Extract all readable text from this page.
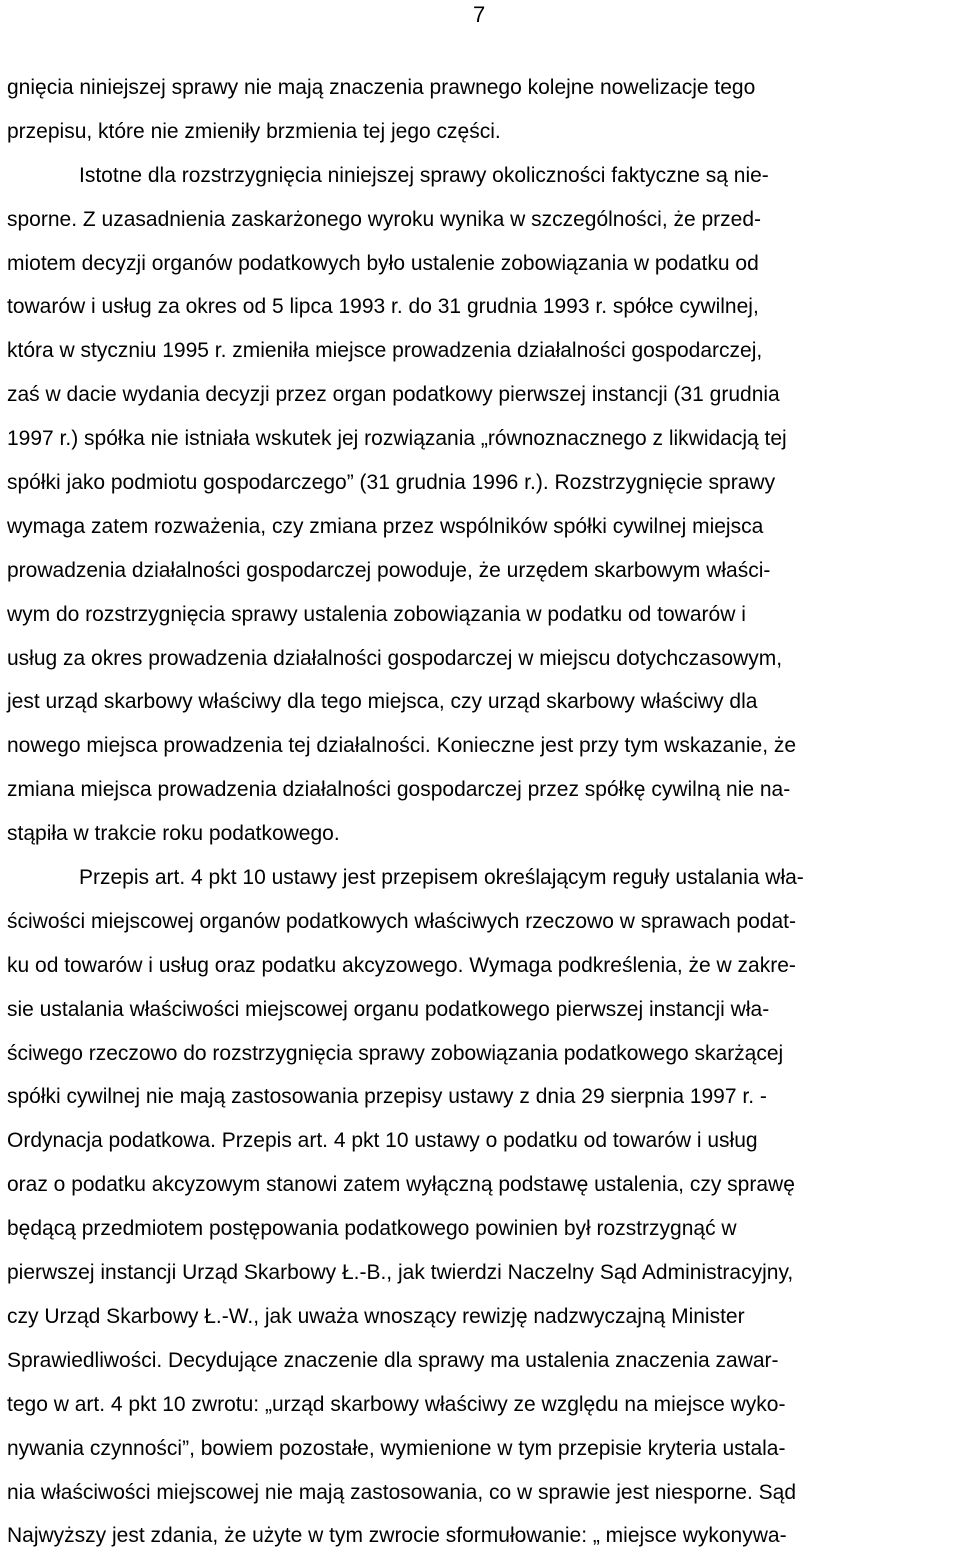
7
gnięcia niniejszej sprawy nie mają znaczenia prawnego kolejne nowelizacje tego
przepisu, które nie zmieniły brzmienia tej jego części.
Istotne dla rozstrzygnięcia niniejszej sprawy okoliczności faktyczne są nie-
sporne. Z uzasadnienia zaskarżonego wyroku wynika w szczególności, że przed-
miotem decyzji organów podatkowych było ustalenie zobowiązania w podatku od
towarów i usług za okres od 5 lipca 1993 r. do 31 grudnia 1993 r. spółce cywilnej,
która w styczniu 1995 r. zmieniła miejsce prowadzenia działalności gospodarczej,
zaś w dacie wydania decyzji przez organ podatkowy pierwszej instancji (31 grudnia
1997 r.) spółka nie istniała wskutek jej rozwiązania „równoznacznego z likwidacją tej
spółki jako podmiotu gospodarczego” (31 grudnia 1996 r.). Rozstrzygnięcie sprawy
wymaga zatem rozważenia, czy zmiana przez wspólników spółki cywilnej miejsca
prowadzenia działalności gospodarczej powoduje, że urzędem skarbowym właści-
wym do rozstrzygnięcia sprawy ustalenia zobowiązania w podatku od towarów i
usług za okres prowadzenia działalności gospodarczej w miejscu dotychczasowym,
jest urząd skarbowy właściwy dla tego miejsca, czy urząd skarbowy właściwy dla
nowego miejsca prowadzenia tej działalności. Konieczne jest przy tym wskazanie, że
zmiana miejsca prowadzenia działalności gospodarczej przez spółkę cywilną nie na-
stąpiła w trakcie roku podatkowego.
Przepis art. 4 pkt 10 ustawy jest przepisem określającym reguły ustalania wła-
ściwości miejscowej organów podatkowych właściwych rzeczowo w sprawach podat-
ku od towarów i usług oraz podatku akcyzowego. Wymaga podkreślenia, że w zakre-
sie ustalania właściwości miejscowej organu podatkowego pierwszej instancji wła-
ściwego rzeczowo do rozstrzygnięcia sprawy zobowiązania podatkowego skarżącej
spółki cywilnej nie mają zastosowania przepisy ustawy z dnia 29 sierpnia 1997 r. -
Ordynacja podatkowa. Przepis art. 4 pkt 10 ustawy o podatku od towarów i usług
oraz o podatku akcyzowym stanowi zatem wyłączną podstawę ustalenia, czy sprawę
będącą przedmiotem postępowania podatkowego powinien był rozstrzygnąć w
pierwszej instancji Urząd Skarbowy Ł.-B., jak twierdzi Naczelny Sąd Administracyjny,
czy Urząd Skarbowy Ł.-W., jak uważa wnoszący rewizję nadzwyczajną Minister
Sprawiedliwości. Decydujące znaczenie dla sprawy ma ustalenia znaczenia zawar-
tego w art. 4 pkt 10 zwrotu: „urząd skarbowy właściwy ze względu na miejsce wyko-
nywania czynności”, bowiem pozostałe, wymienione w tym przepisie kryteria ustala-
nia właściwości miejscowej nie mają zastosowania, co w sprawie jest niesporne. Sąd
Najwyższy jest zdania, że użyte w tym zwrocie sformułowanie: „ miejsce wykonywa-
